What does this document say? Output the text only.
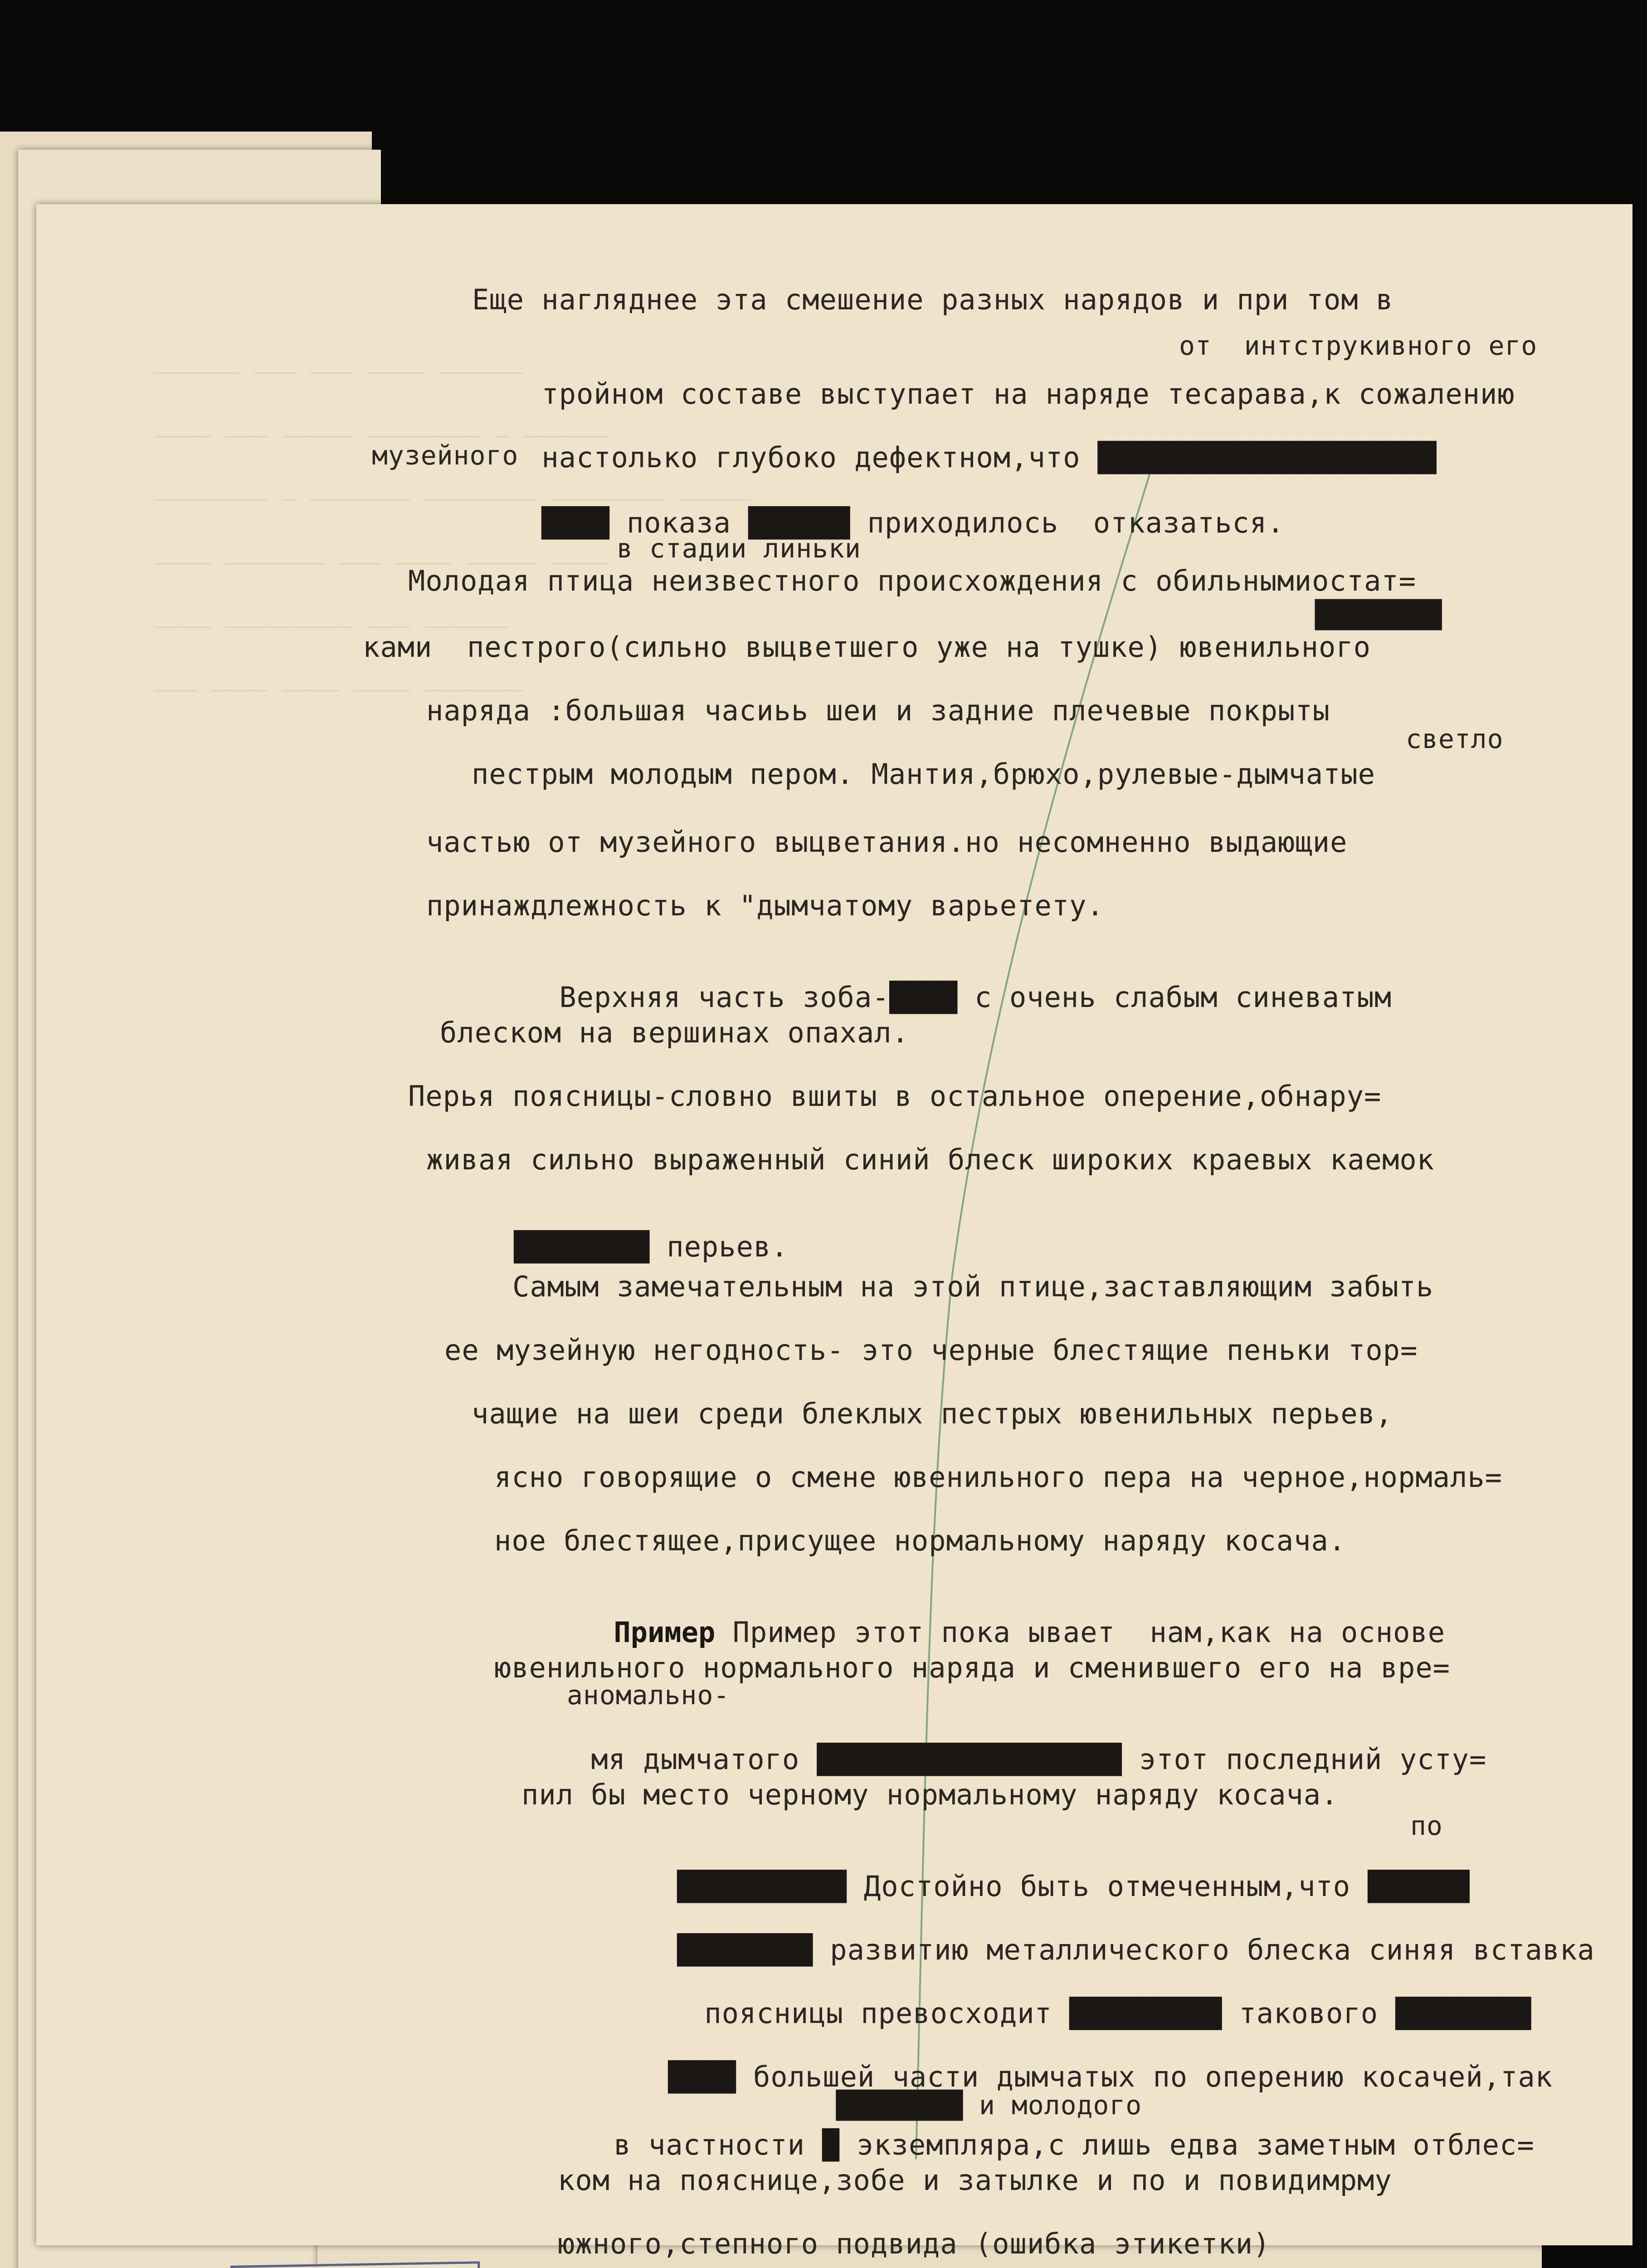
—————— ——— ——— ———— ——————
———— ——— ————— ———————— — ——————
———————— — ——————— ———————— ———————— —————
———— ——————— ——— ———— ————— ————
———— ————————— ——— ——————
——— ———— ———— ———— ———————
Еще нагляднее эта смешение разных нарядов и при том в
от  интструкивного его

тройном составе выступает на наряде тесарава,к сожалению

настолько глубоко дефектном,что ████████████████████

музейного

████ показа ██████ приходилось  отказаться.

в стадии линьки
Молодая птица неизвестного происхождения с обильнымиостат=
████████
ками  пестрого(сильно выцветшего уже на тушке) ювенильного
наряда :большая часиьь шеи и задние плечевые покрыты
светло
пестрым молодым пером. Мантия,брюхо,рулевые-дымчатые
частью от музейного выцветания.но несомненно выдающие
принаждлежность к "дымчатому варьетету.

Верхняя часть зоба-████ с очень слабым синеватым

блеском на вершинах опахал.
Перья поясницы-словно вшиты в остальное оперение,обнару=
живая сильно выраженный синий блеск широких краевых каемок

████████ перьев.

Самым замечательным на этой птице,заставляющим забыть
ее музейную негодность- это черные блестящие пеньки тор=
чащие на шеи среди блеклых пестрых ювенильных перьев,
ясно говорящие о смене ювенильного пера на черное,нормаль=
ное блестящее,присущее нормальному наряду косача.

Пример Пример этот пока ывает  нам,как на основе

ювенильного нормального наряда и сменившего его на вре=
аномально-

мя дымчатого ██████████████████ этот последний усту=

пил бы место черному нормальному наряду косача.
по

██████████ Достойно быть отмеченным,что ██████

████████ развитию металлического блеска синяя вставка

поясницы превосходит █████████ такового ████████

████ большей части дымчатых по оперению косачей,так

████████ и молодого

в частности █ экземпляра,с лишь едва заметным отблес=

ком на пояснице,зобе и затылке и по и повидимрму
южного,степного подвида (ошибка этикетки)
